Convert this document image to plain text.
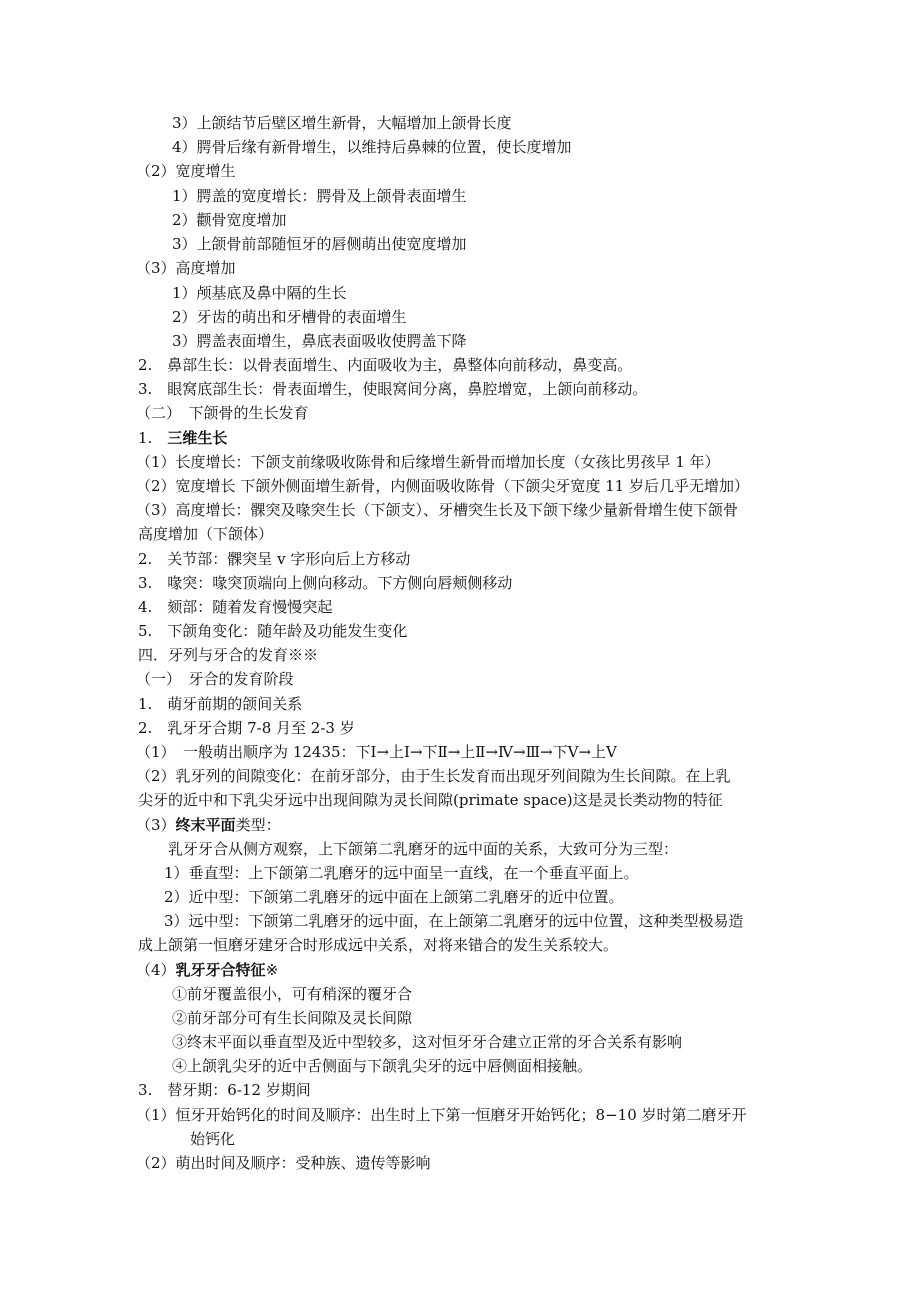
3）上颌结节后壁区增生新骨，大幅增加上颌骨长度
4）腭骨后缘有新骨增生，以维持后鼻棘的位置，使长度增加
（2）宽度增生
1）腭盖的宽度增长：腭骨及上颌骨表面增生
2）颧骨宽度增加
3）上颌骨前部随恒牙的唇侧萌出使宽度增加
（3）高度增加
1）颅基底及鼻中隔的生长
2）牙齿的萌出和牙槽骨的表面增生
3）腭盖表面增生，鼻底表面吸收使腭盖下降
2.　鼻部生长：以骨表面增生、内面吸收为主，鼻整体向前移动，鼻变高。
3.　眼窝底部生长：骨表面增生，使眼窝间分离，鼻腔增宽，上颌向前移动。
（二）　下颌骨的生长发育
1.　三维生长
（1）长度增长：下颌支前缘吸收陈骨和后缘增生新骨而增加长度（女孩比男孩早 1 年）
（2）宽度增长 下颌外侧面增生新骨，内侧面吸收陈骨（下颌尖牙宽度 11 岁后几乎无增加）
（3）高度增长：髁突及喙突生长（下颌支）、牙槽突生长及下颌下缘少量新骨增生使下颌骨
高度增加（下颌体）
2.　关节部：髁突呈 v 字形向后上方移动
3.　喙突：喙突顶端向上侧向移动。下方侧向唇颊侧移动
4.　颏部：随着发育慢慢突起
5.　下颌角变化：随年龄及功能发生变化
四．牙列与牙合的发育※※
（一）　牙合的发育阶段
1.　萌牙前期的颌间关系
2.　乳牙牙合期 7-8 月至 2-3 岁
（1）　一般萌出顺序为 12435：下Ⅰ→上Ⅰ→下Ⅱ→上Ⅱ→Ⅳ→Ⅲ→下Ⅴ→上Ⅴ
（2）乳牙列的间隙变化：在前牙部分，由于生长发育而出现牙列间隙为生长间隙。在上乳
尖牙的近中和下乳尖牙远中出现间隙为灵长间隙(primate space)这是灵长类动物的特征
（3）终末平面类型：
乳牙牙合从侧方观察，上下颌第二乳磨牙的远中面的关系，大致可分为三型：
1）垂直型：上下颌第二乳磨牙的远中面呈一直线，在一个垂直平面上。
2）近中型：下颌第二乳磨牙的远中面在上颌第二乳磨牙的近中位置。
3）远中型：下颌第二乳磨牙的远中面，在上颌第二乳磨牙的远中位置，这种类型极易造
成上颌第一恒磨牙建牙合时形成远中关系，对将来错合的发生关系较大。
（4）乳牙牙合特征※
①前牙覆盖很小，可有稍深的覆牙合
②前牙部分可有生长间隙及灵长间隙
③终末平面以垂直型及近中型较多，这对恒牙牙合建立正常的牙合关系有影响
④上颌乳尖牙的近中舌侧面与下颌乳尖牙的远中唇侧面相接触。
3.　替牙期：6-12 岁期间
（1）恒牙开始钙化的时间及顺序：出生时上下第一恒磨牙开始钙化；8−10 岁时第二磨牙开
始钙化
（2）萌出时间及顺序：受种族、遗传等影响
